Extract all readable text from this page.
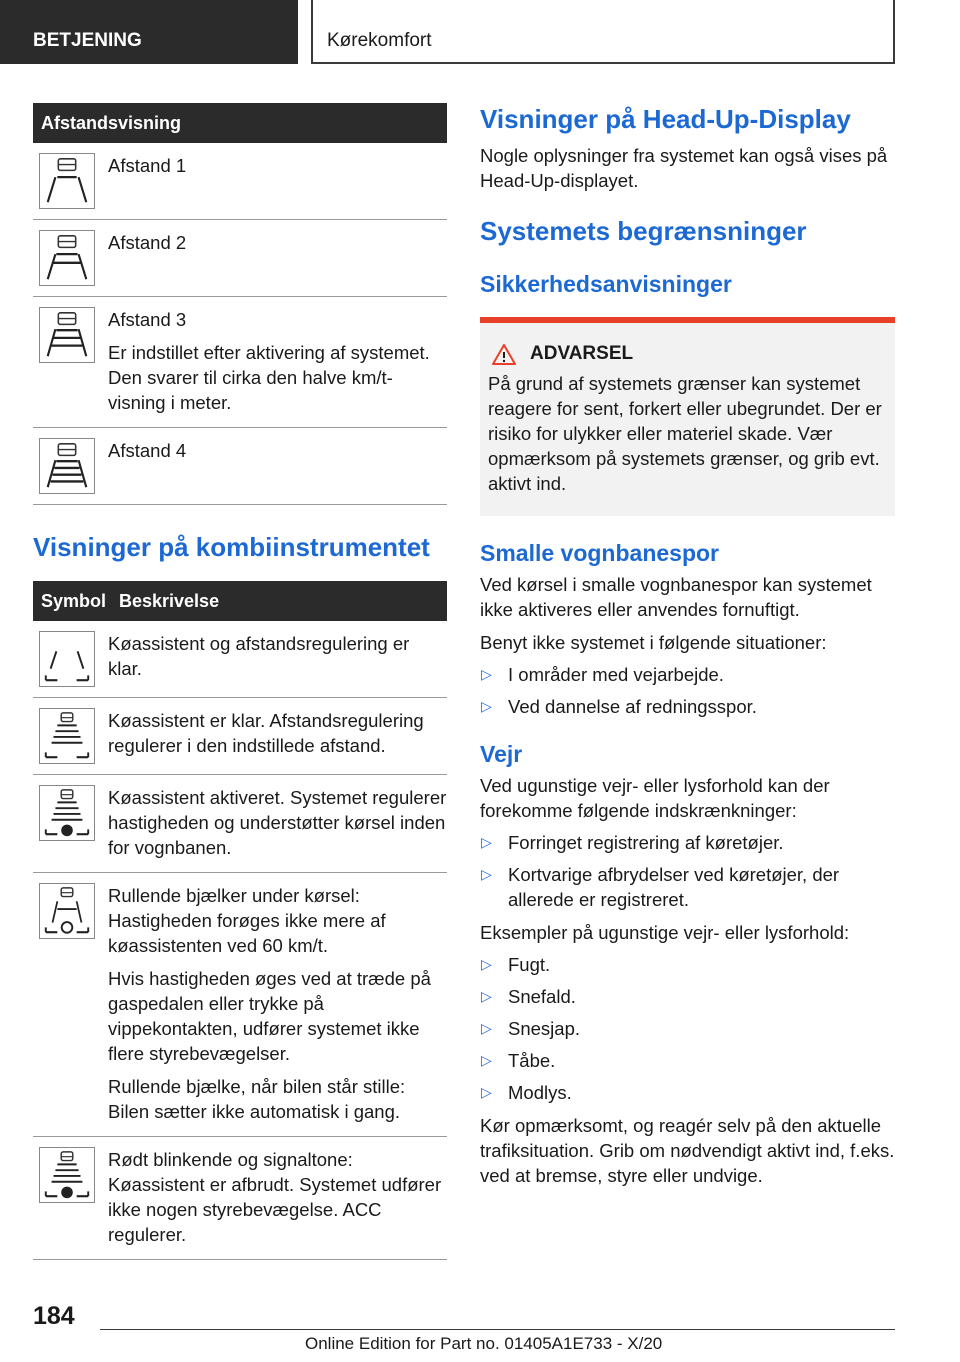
BETJENING	Kørekomfort
Afstandsvisning

Afstand 1

Afstand 2

Afstand 3

Er indstillet efter aktivering af systemet. Den svarer til cirka den halve km/t-visning i meter.

Afstand 4

Visninger på kombiinstrumentet
Symbol Beskrivelse

Køassistent og afstandsregulering er klar.

Køassistent er klar. Afstandsregulering regulerer i den indstillede afstand.

Køassistent aktiveret. Systemet regulerer hastigheden og understøtter kørsel inden for vognbanen.

Rullende bjælker under kørsel: Hastigheden forøges ikke mere af køassistenten ved 60 km/t.

Hvis hastigheden øges ved at træde på gaspedalen eller trykke på vippekontakten, udfører systemet ikke flere styrebevægelser.

Rullende bjælke, når bilen står stille: Bilen sætter ikke automatisk i gang.

Rødt blinkende og signaltone: Køassistent er afbrudt. Systemet udfører ikke nogen styrebevægelse. ACC regulerer.

Visninger på Head-Up-Display

Nogle oplysninger fra systemet kan også vises på Head-Up-displayet.

Systemets begrænsninger
Sikkerhedsanvisninger
ADVARSEL

På grund af systemets grænser kan systemet reagere for sent, forkert eller ubegrundet. Der er risiko for ulykker eller materiel skade. Vær opmærksom på systemets grænser, og grib evt. aktivt ind.

Smalle vognbanespor

Ved kørsel i smalle vognbanespor kan systemet ikke aktiveres eller anvendes fornuftigt.

Benyt ikke systemet i følgende situationer:

▷ I områder med vejarbejde.
▷ Ved dannelse af redningsspor.
Vejr

Ved ugunstige vejr- eller lysforhold kan der forekomme følgende indskrænkninger:

▷ Forringet registrering af køretøjer.
▷ Kortvarige afbrydelser ved køretøjer, der allerede er registreret.

Eksempler på ugunstige vejr- eller lysforhold:

▷ Fugt.
▷ Snefald.
▷ Snesjap.
▷ Tåbe.
▷ Modlys.

Kør opmærksomt, og reagér selv på den aktuelle trafiksituation. Grib om nødvendigt aktivt ind, f.eks. ved at bremse, styre eller undvige.

184
Online Edition for Part no. 01405A1E733 - X/20
